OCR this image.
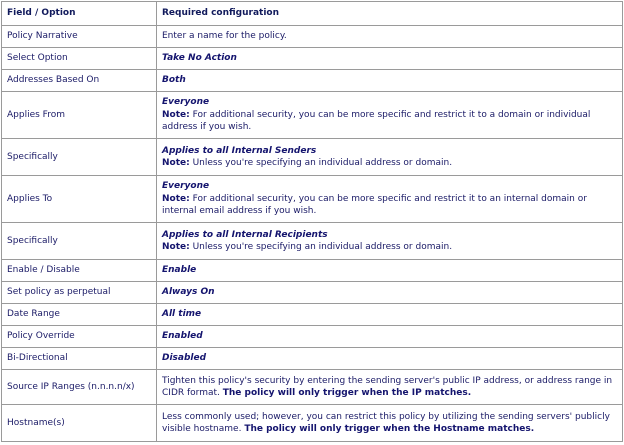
Field / Option	Required configuration
Policy Narrative	Enter a name for the policy.
Select Option	Take No Action
Addresses Based On	Both
Applies From	Everyone
Note: For additional security, you can be more specific and restrict it to a domain or individual address if you wish.
Specifically	Applies to all Internal Senders
Note: Unless you're specifying an individual address or domain.
Applies To	Everyone
Note: For additional security, you can be more specific and restrict it to an internal domain or internal email address if you wish.
Specifically	Applies to all Internal Recipients
Note: Unless you're specifying an individual address or domain.
Enable / Disable	Enable
Set policy as perpetual	Always On
Date Range	All time
Policy Override	Enabled
Bi-Directional	Disabled
Source IP Ranges (n.n.n.n/x)	Tighten this policy's security by entering the sending server's public IP address, or address range in CIDR format. The policy will only trigger when the IP matches.
Hostname(s)	Less commonly used; however, you can restrict this policy by utilizing the sending servers' publicly visible hostname. The policy will only trigger when the Hostname matches.
